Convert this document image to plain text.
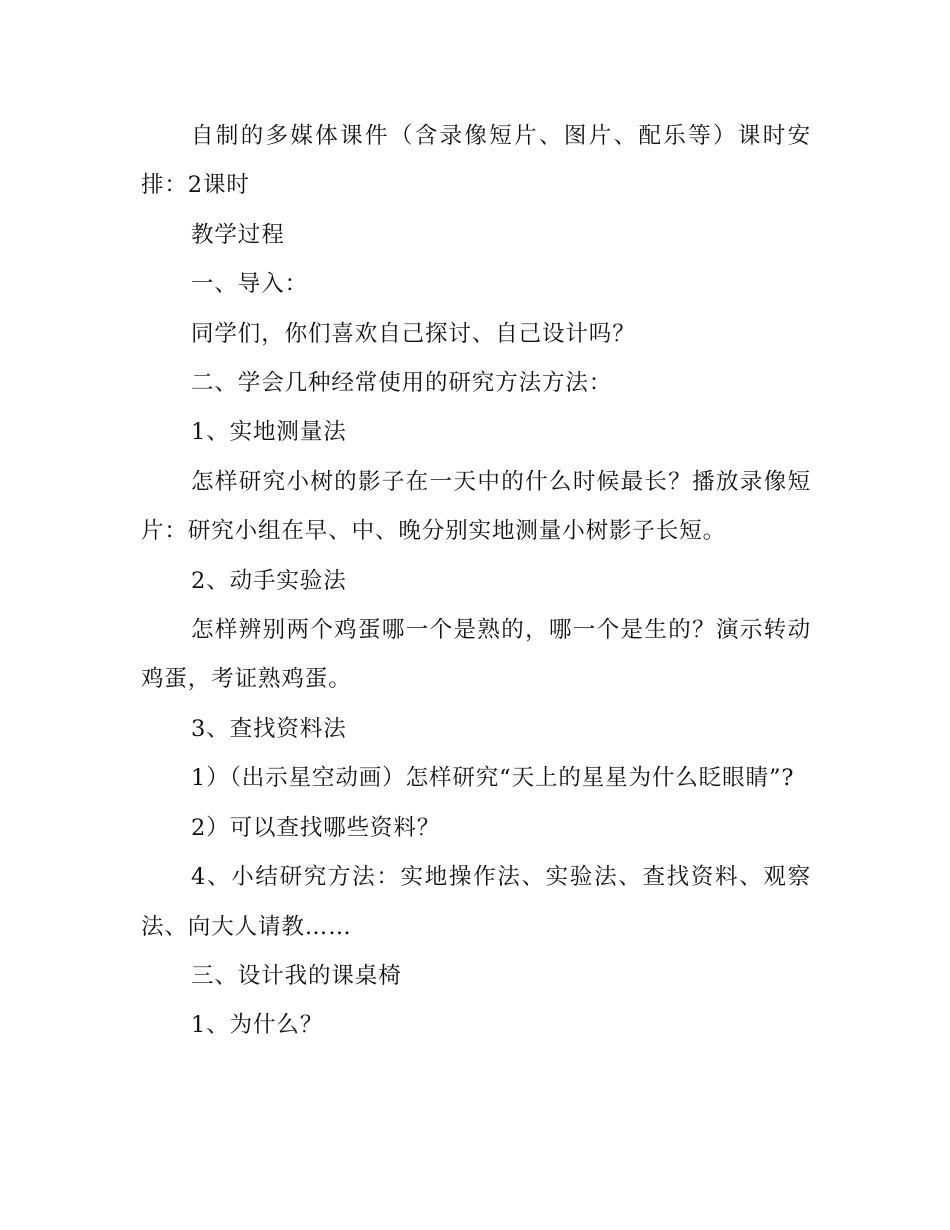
自制的多媒体课件（含录像短片、图片、配乐等）课时安排：2课时

教学过程

一、导入：

同学们，你们喜欢自己探讨、自己设计吗？

二、学会几种经常使用的研究方法方法：

1、实地测量法

怎样研究小树的影子在一天中的什么时候最长？播放录像短片：研究小组在早、中、晚分别实地测量小树影子长短。

2、动手实验法

怎样辨别两个鸡蛋哪一个是熟的，哪一个是生的？演示转动鸡蛋，考证熟鸡蛋。

3、查找资料法

1）（出示星空动画）怎样研究“天上的星星为什么眨眼睛”?

2）可以查找哪些资料？

4、小结研究方法：实地操作法、实验法、查找资料、观察法、向大人请教……

三、设计我的课桌椅

1、为什么？
